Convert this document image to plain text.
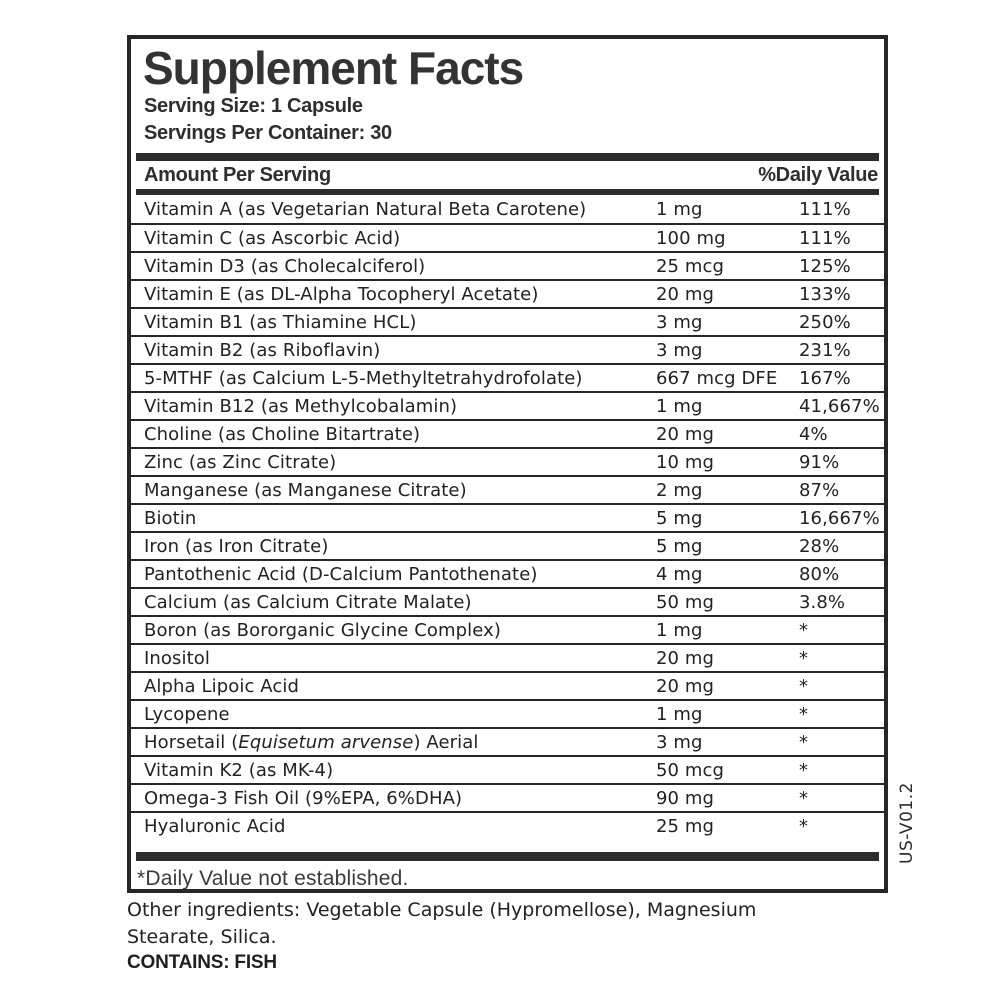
Supplement Facts
Serving Size: 1 Capsule
Servings Per Container: 30
Amount Per Serving	%Daily Value
Vitamin A (as Vegetarian Natural Beta Carotene)	1 mg	111%
Vitamin C (as Ascorbic Acid)	100 mg	111%
Vitamin D3 (as Cholecalciferol)	25 mcg	125%
Vitamin E (as DL-Alpha Tocopheryl Acetate)	20 mg	133%
Vitamin B1 (as Thiamine HCL)	3 mg	250%
Vitamin B2 (as Riboflavin)	3 mg	231%
5-MTHF (as Calcium L-5-Methyltetrahydrofolate)	667 mcg DFE	167%
Vitamin B12 (as Methylcobalamin)	1 mg	41,667%
Choline (as Choline Bitartrate)	20 mg	4%
Zinc (as Zinc Citrate)	10 mg	91%
Manganese (as Manganese Citrate)	2 mg	87%
Biotin	5 mg	16,667%
Iron (as Iron Citrate)	5 mg	28%
Pantothenic Acid (D-Calcium Pantothenate)	4 mg	80%
Calcium (as Calcium Citrate Malate)	50 mg	3.8%
Boron (as Bororganic Glycine Complex)	1 mg	*
Inositol	20 mg	*
Alpha Lipoic Acid	20 mg	*
Lycopene	1 mg	*
Horsetail (Equisetum arvense) Aerial	3 mg	*
Vitamin K2 (as MK-4)	50 mcg	*
Omega-3 Fish Oil (9%EPA, 6%DHA)	90 mg	*
Hyaluronic Acid	25 mg	*
*Daily Value not established.
Other ingredients: Vegetable Capsule (Hypromellose), Magnesium Stearate, Silica.
CONTAINS: FISH
US-V01.2
